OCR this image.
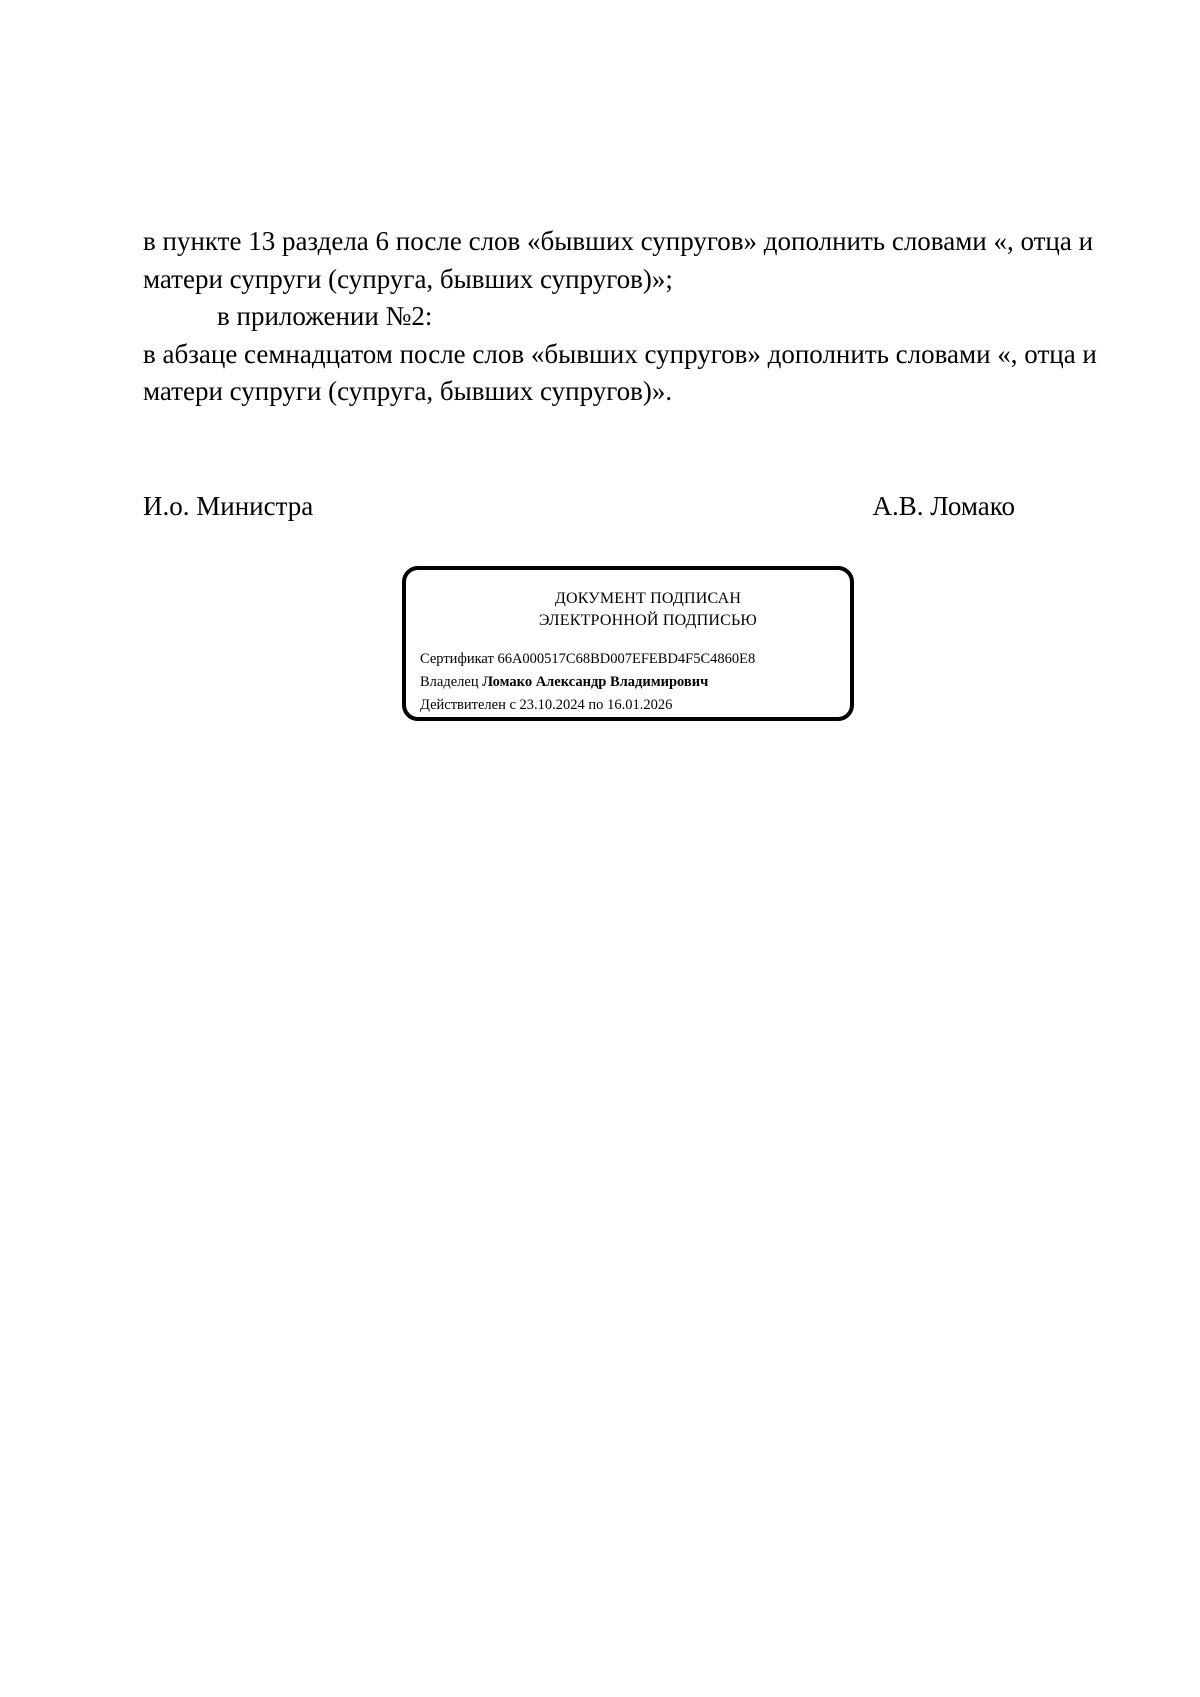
в пункте 13 раздела 6 после слов «бывших супругов» дополнить словами «, отца и матери супруги (супруга, бывших супругов)»;

в приложении №2:

в абзаце семнадцатом после слов «бывших супругов» дополнить словами «, отца и матери супруги (супруга, бывших супругов)».

И.о. Министра	А.В. Ломако
ДОКУМЕНТ ПОДПИСАН
ЭЛЕКТРОННОЙ ПОДПИСЬЮ
Сертификат 66A000517C68BD007EFEBD4F5C4860E8
Владелец Ломако Александр Владимирович
Действителен с 23.10.2024 по 16.01.2026
